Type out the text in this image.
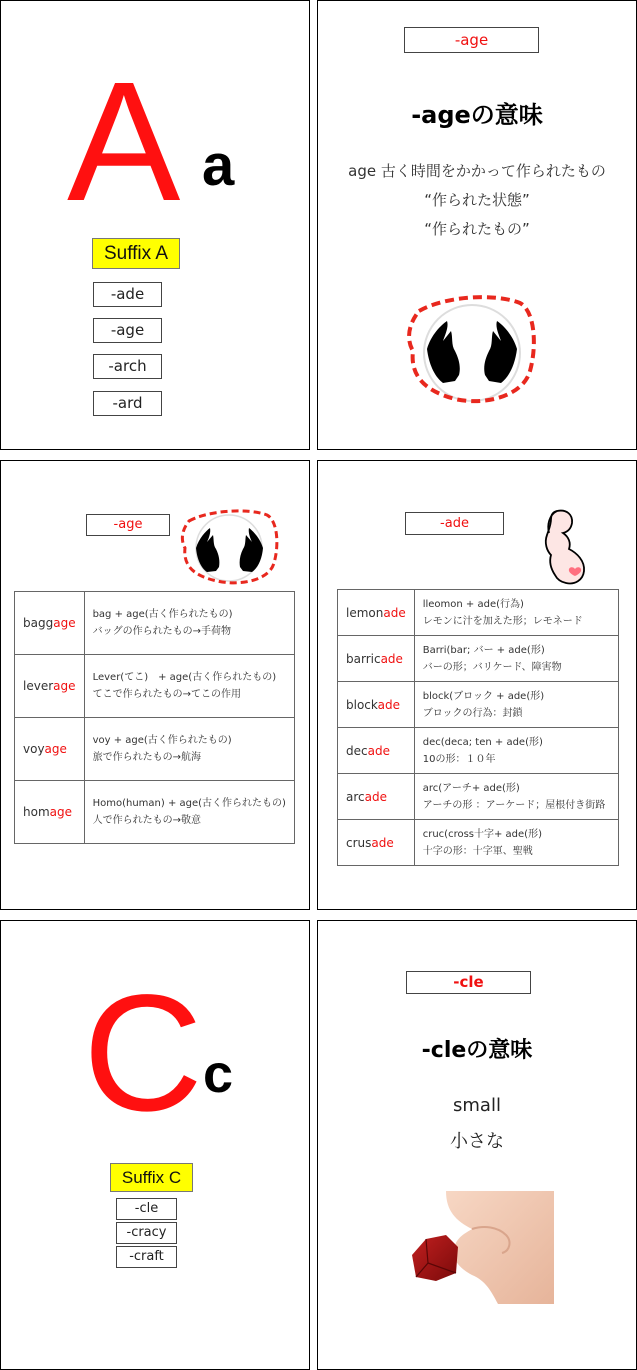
A a
Suffix A
-ade
-age
-arch
-ard
-age
-ageの意味
age 古く時間をかかって作られたもの
“作られた状態”
“作られたもの”
-age
baggage	bag + age(古く作られたもの)
バッグの作られたもの→手荷物

leverage	Lever(てこ)　+ age(古く作られたもの)
てこで作られたもの→てこの作用

voyage	voy + age(古く作られたもの)
旅で作られたもの→航海

homage	Homo(human) + age(古く作られたもの)
人で作られたもの→敬意
-ade
lemonade	lleomon + ade(行為)
レモンに汁を加えた形；レモネード

barricade	Barri(bar; バー + ade(形)
バーの形；バリケード、障害物

blockade	block(ブロック + ade(形)
ブロックの行為：封鎖

decade	dec(deca; ten + ade(形)
10の形：１０年

arcade	arc(アーチ+ ade(形)
アーチの形 ：アーケード；屋根付き街路

crusade	cruc(cross十字+ ade(形)
十字の形：十字軍、聖戦
C c
Suffix C
-cle
-cracy
-craft
-cle
-cleの意味
small
小さな
